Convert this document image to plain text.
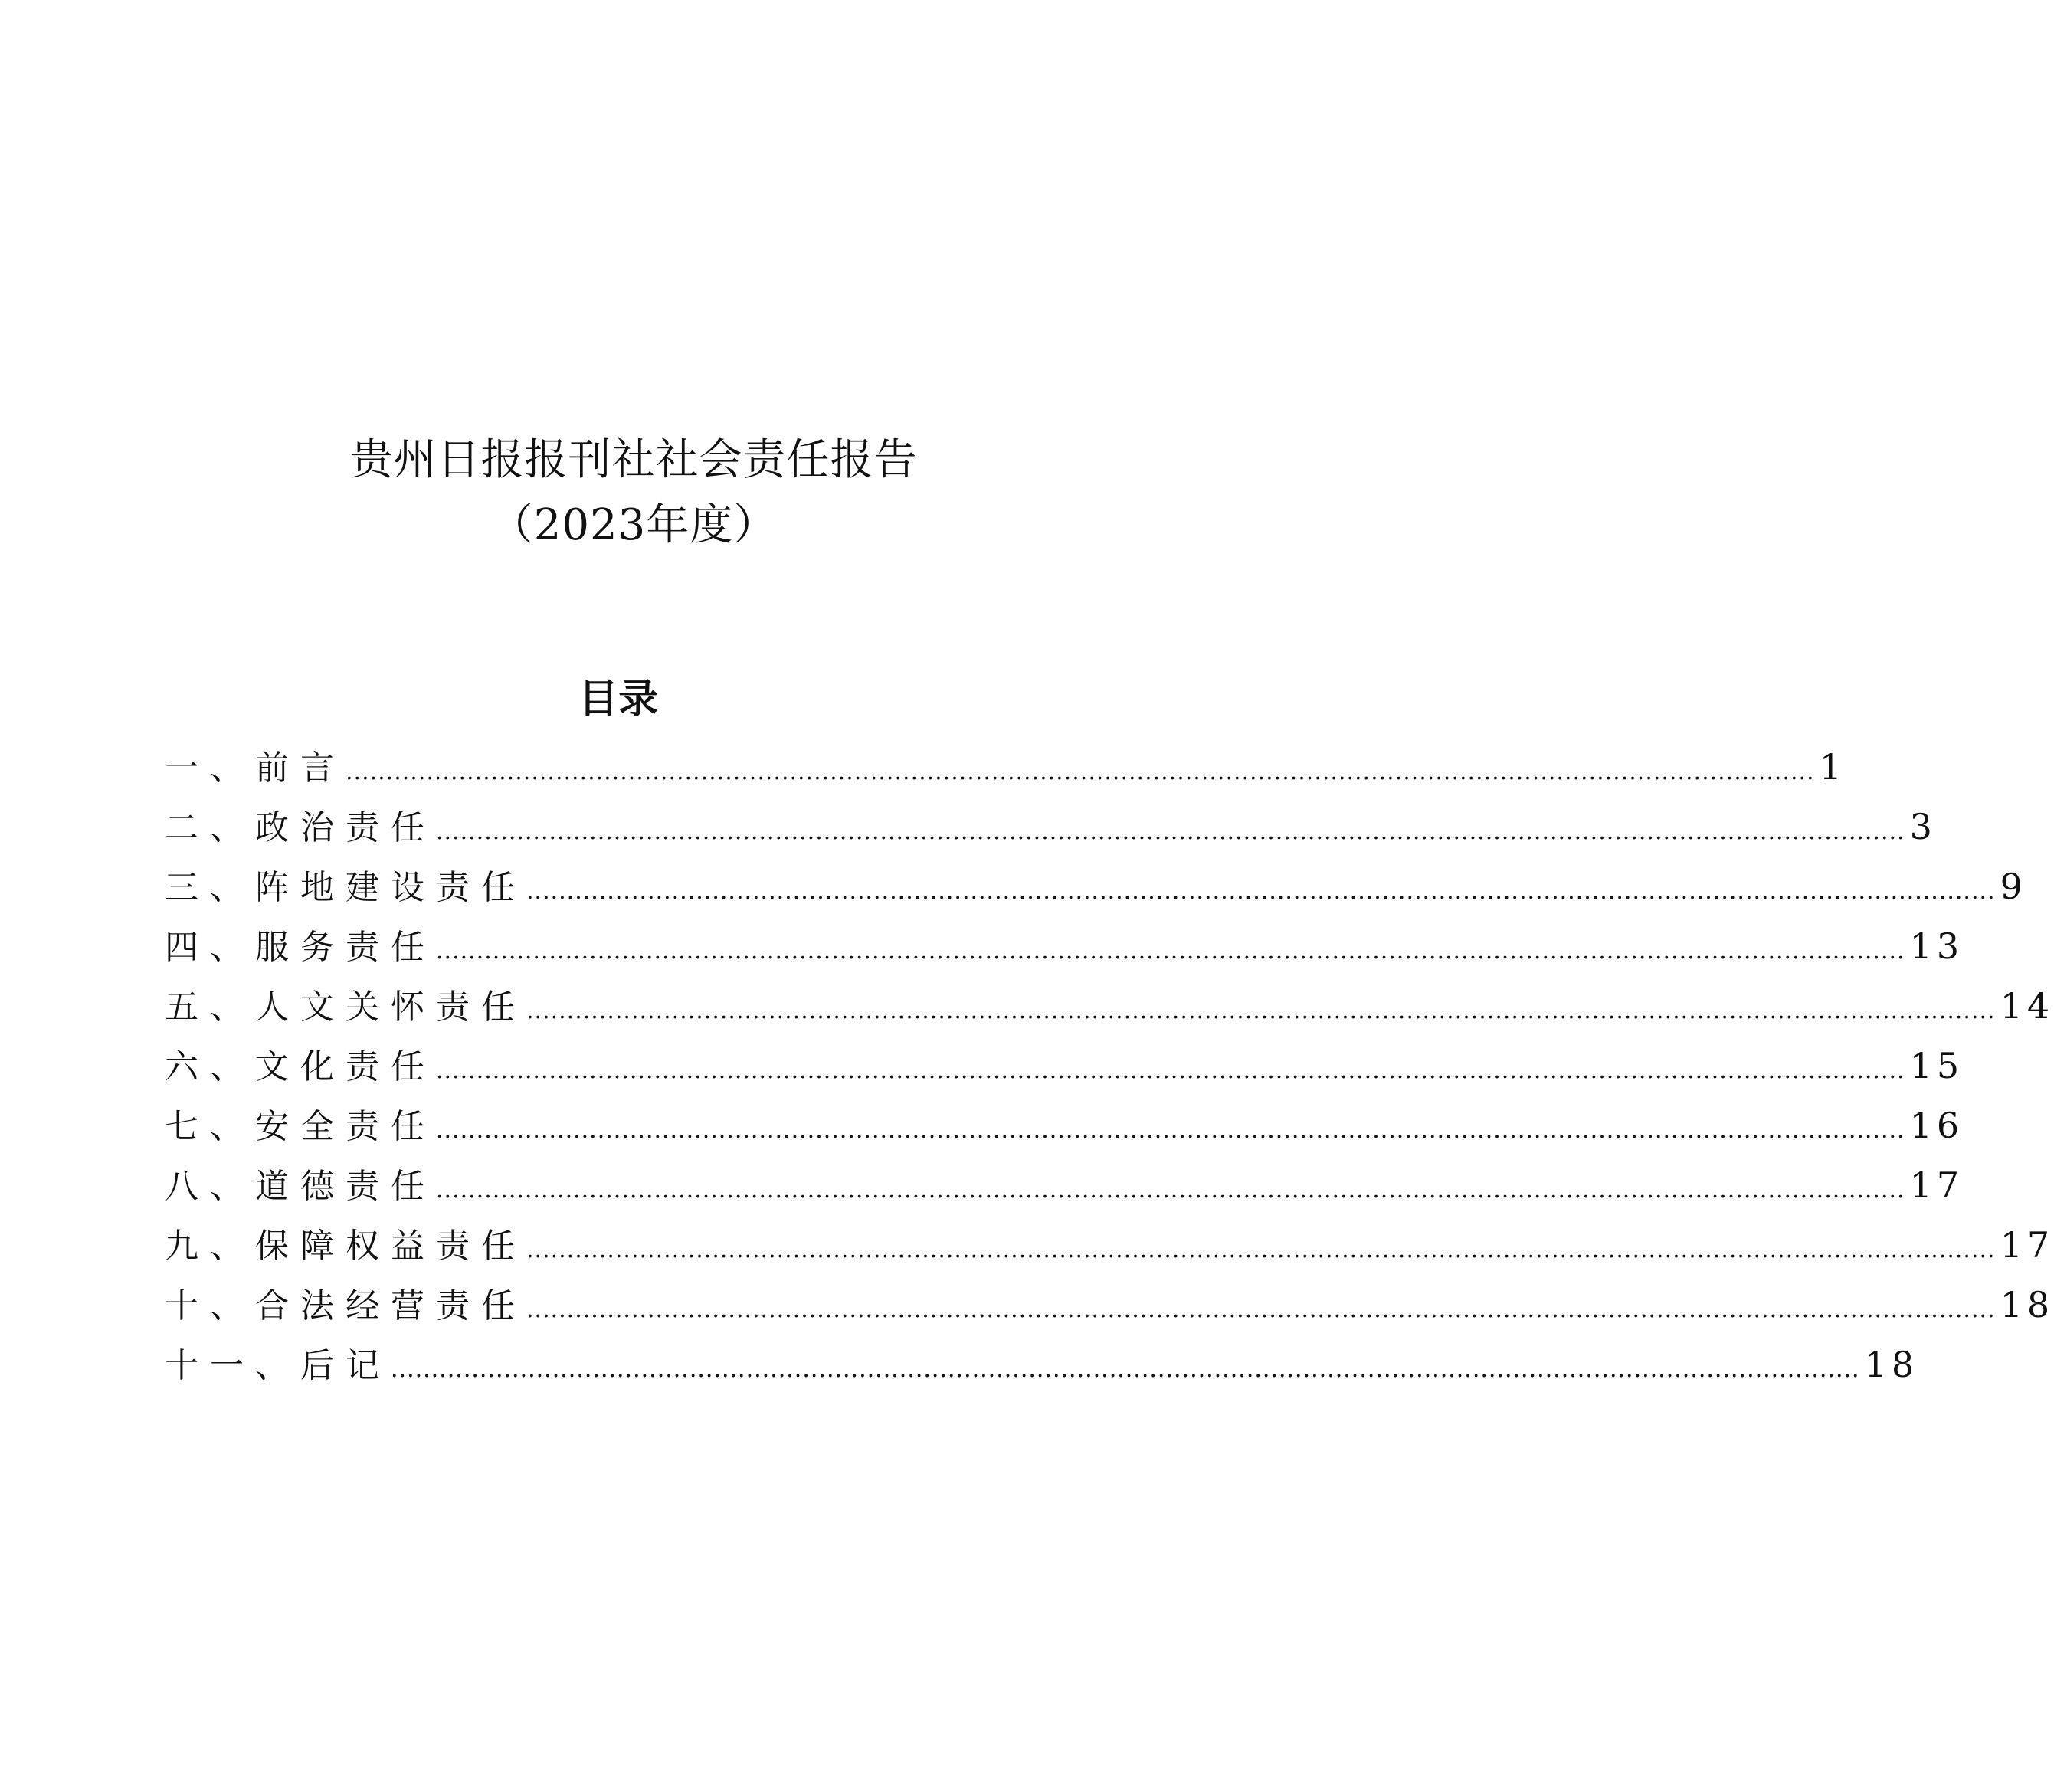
贵州日报报刊社社会责任报告
（2023年度）
目录
一、前言 ...................................................................................................................................................................................... 1
二、政治责任 ...................................................................................................................................................................................... 3
三、阵地建设责任 ...................................................................................................................................................................................... 9
四、服务责任 ...................................................................................................................................................................................... 13
五、人文关怀责任 ...................................................................................................................................................................................... 14
六、文化责任 ...................................................................................................................................................................................... 15
七、安全责任 ...................................................................................................................................................................................... 16
八、道德责任 ...................................................................................................................................................................................... 17
九、保障权益责任 ...................................................................................................................................................................................... 17
十、合法经营责任 ...................................................................................................................................................................................... 18
十一、后记 ...................................................................................................................................................................................... 18
